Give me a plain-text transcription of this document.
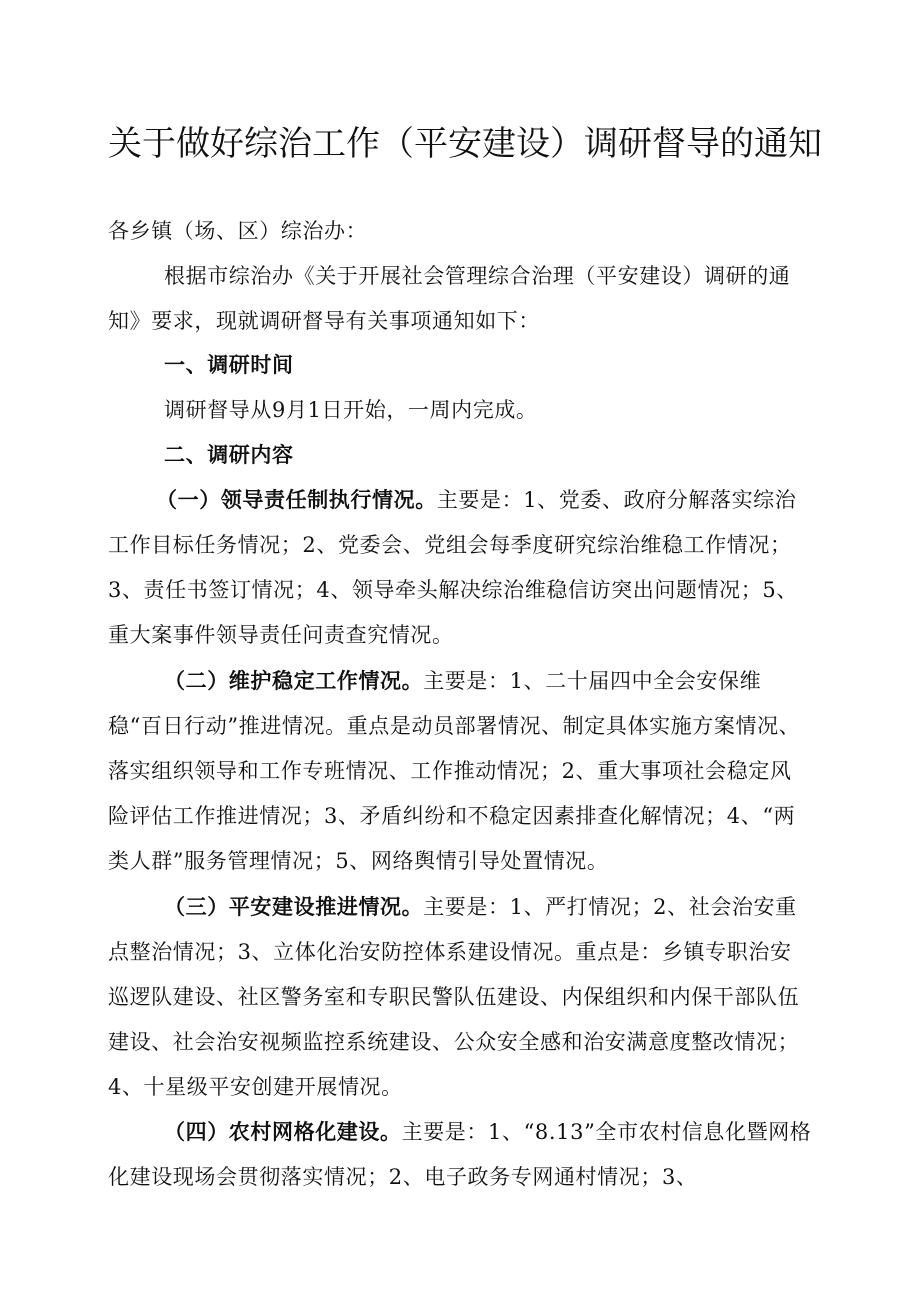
关于做好综治工作（平安建设）调研督导的通知
各乡镇（场、区）综治办：
根据市综治办《关于开展社会管理综合治理（平安建设）调研的通知》要求，现就调研督导有关事项通知如下：
一、调研时间
调研督导从9月1日开始，一周内完成。
二、调研内容
（一）领导责任制执行情况。主要是：1、党委、政府分解落实综治工作目标任务情况；2、党委会、党组会每季度研究综治维稳工作情况；3、责任书签订情况；4、领导牵头解决综治维稳信访突出问题情况；5、重大案事件领导责任问责查究情况。
（二）维护稳定工作情况。主要是：1、二十届四中全会安保维稳“百日行动”推进情况。重点是动员部署情况、制定具体实施方案情况、落实组织领导和工作专班情况、工作推动情况；2、重大事项社会稳定风险评估工作推进情况；3、矛盾纠纷和不稳定因素排查化解情况；4、“两类人群”服务管理情况；5、网络舆情引导处置情况。
（三）平安建设推进情况。主要是：1、严打情况；2、社会治安重点整治情况；3、立体化治安防控体系建设情况。重点是：乡镇专职治安巡逻队建设、社区警务室和专职民警队伍建设、内保组织和内保干部队伍建设、社会治安视频监控系统建设、公众安全感和治安满意度整改情况；4、十星级平安创建开展情况。
（四）农村网格化建设。主要是：1、“8.13”全市农村信息化暨网格化建设现场会贯彻落实情况；2、电子政务专网通村情况；3、
